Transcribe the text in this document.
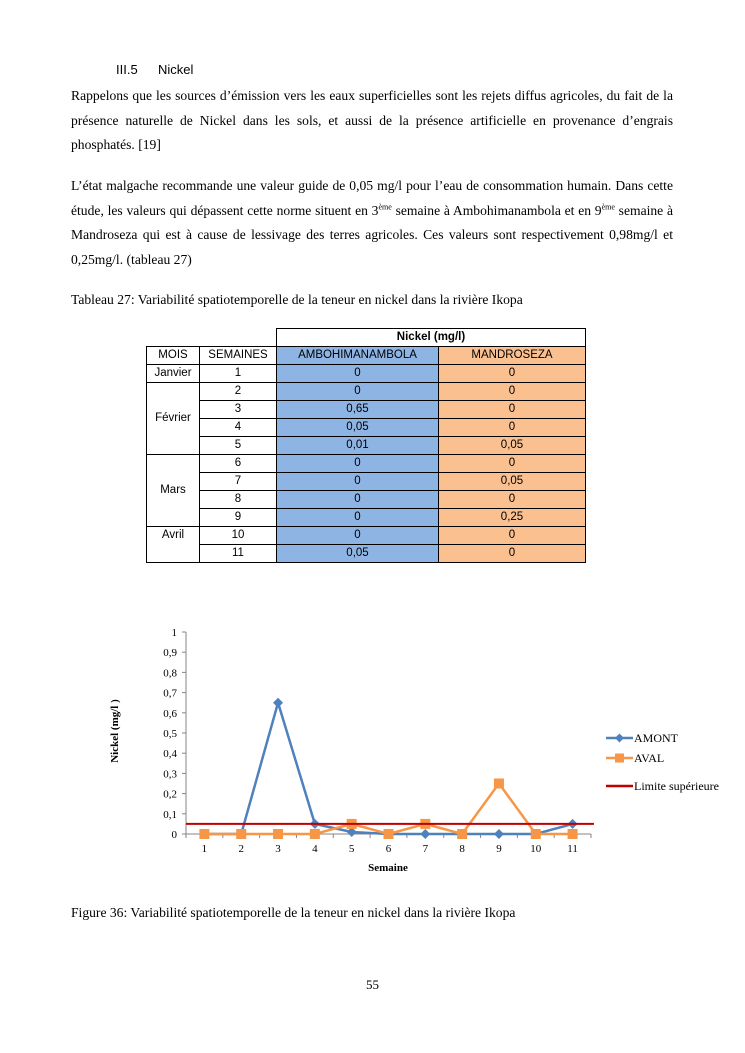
III.5 Nickel
Rappelons que les sources d’émission vers les eaux superficielles sont les rejets diffus agricoles, du fait de la présence naturelle de Nickel dans les sols, et aussi de la présence artificielle en provenance d’engrais phosphatés. [19]
L’état malgache recommande une valeur guide de 0,05 mg/l pour l’eau de consommation humain. Dans cette étude, les valeurs qui dépassent cette norme situent en 3ème semaine à Ambohimanambola et en 9ème semaine à Mandroseza qui est à cause de lessivage des terres agricoles. Ces valeurs sont respectivement 0,98mg/l et 0,25mg/l. (tableau 27)
Tableau 27: Variabilité spatiotemporelle de la teneur en nickel dans la rivière Ikopa
		Nickel (mg/l)	
MOIS	SEMAINES	AMBOHIMANAMBOLA	MANDROSEZA
Janvier	1	0	0
Février	2	0	0
	3	0,65	0
	4	0,05	0
	5	0,01	0,05
Mars	6	0	0
	7	0	0,05
	8	0	0
	9	0	0,25
Avril	10	0	0
	11	0,05	0
0
0,1
0,2
0,3
0,4
0,5
0,6
0,7
0,8
0,9
1
1	2	3	4	5	6	7	8	9	10 11
AMONT
AVAL
Limite supérieure
Nickel (mg/l )
Semaine
Figure 36: Variabilité spatiotemporelle de la teneur en nickel dans la rivière Ikopa
55
